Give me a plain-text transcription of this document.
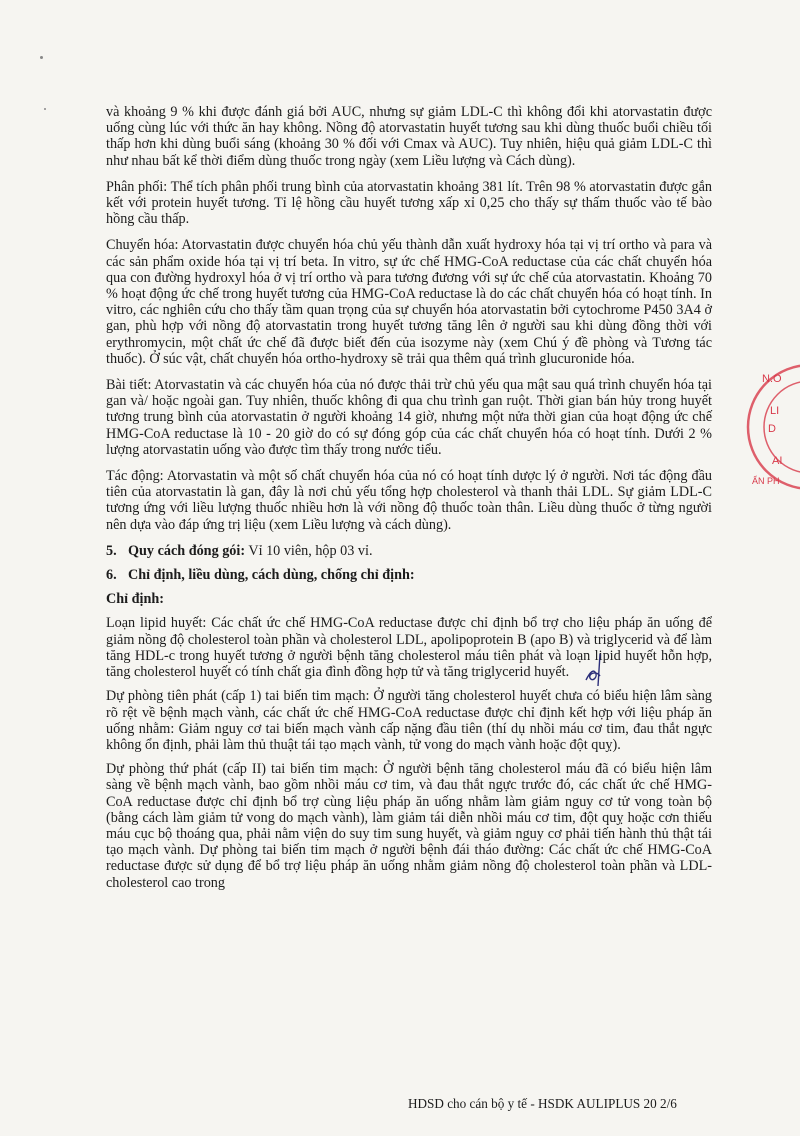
và khoảng 9 % khi được đánh giá bởi AUC, nhưng sự giảm LDL-C thì không đổi khi atorvastatin được uống cùng lúc với thức ăn hay không. Nồng độ atorvastatin huyết tương sau khi dùng thuốc buổi chiều tối thấp hơn khi dùng buổi sáng (khoảng 30 % đối với Cmax và AUC). Tuy nhiên, hiệu quả giảm LDL-C thì như nhau bất kể thời điểm dùng thuốc trong ngày (xem Liều lượng và Cách dùng).

Phân phối: Thể tích phân phối trung bình của atorvastatin khoảng 381 lít. Trên 98 % atorvastatin được gắn kết với protein huyết tương. Tỉ lệ hồng cầu huyết tương xấp xỉ 0,25 cho thấy sự thấm thuốc vào tế bào hồng cầu thấp.

Chuyển hóa: Atorvastatin được chuyển hóa chủ yếu thành dẫn xuất hydroxy hóa tại vị trí ortho và para và các sản phẩm oxide hóa tại vị trí beta. In vitro, sự ức chế HMG-CoA reductase của các chất chuyển hóa qua con đường hydroxyl hóa ở vị trí ortho và para tương đương với sự ức chế của atorvastatin. Khoảng 70 % hoạt động ức chế trong huyết tương của HMG-CoA reductase là do các chất chuyển hóa có hoạt tính. In vitro, các nghiên cứu cho thấy tầm quan trọng của sự chuyển hóa atorvastatin bởi cytochrome P450 3A4 ở gan, phù hợp với nồng độ atorvastatin trong huyết tương tăng lên ở người sau khi dùng đồng thời với erythromycin, một chất ức chế đã được biết đến của isozyme này (xem Chú ý đề phòng và Tương tác thuốc). Ở súc vật, chất chuyển hóa ortho-hydroxy sẽ trải qua thêm quá trình glucuronide hóa.

Bài tiết: Atorvastatin và các chuyển hóa của nó được thải trừ chủ yếu qua mật sau quá trình chuyển hóa tại gan và/ hoặc ngoài gan. Tuy nhiên, thuốc không đi qua chu trình gan ruột. Thời gian bán hủy trong huyết tương trung bình của atorvastatin ở người khoảng 14 giờ, nhưng một nửa thời gian của hoạt động ức chế HMG-CoA reductase là 10 - 20 giờ do có sự đóng góp của các chất chuyển hóa có hoạt tính. Dưới 2 % lượng atorvastatin uống vào được tìm thấy trong nước tiểu.

Tác động: Atorvastatin và một số chất chuyển hóa của nó có hoạt tính dược lý ở người. Nơi tác động đầu tiên của atorvastatin là gan, đây là nơi chủ yếu tổng hợp cholesterol và thanh thải LDL. Sự giảm LDL-C tương ứng với liều lượng thuốc nhiều hơn là với nồng độ thuốc toàn thân. Liều dùng thuốc ở từng người nên dựa vào đáp ứng trị liệu (xem Liều lượng và cách dùng).

5. Quy cách đóng gói: Vỉ 10 viên, hộp 03 vỉ.
6. Chỉ định, liều dùng, cách dùng, chống chỉ định:
Chỉ định:

Loạn lipid huyết: Các chất ức chế HMG-CoA reductase được chỉ định bổ trợ cho liệu pháp ăn uống để giảm nồng độ cholesterol toàn phần và cholesterol LDL, apolipoprotein B (apo B) và triglycerid và để làm tăng HDL-c trong huyết tương ở người bệnh tăng cholesterol máu tiên phát và loạn lipid huyết hỗn hợp, tăng cholesterol huyết có tính chất gia đình đồng hợp tử và tăng triglycerid huyết.

Dự phòng tiên phát (cấp 1) tai biến tim mạch: Ở người tăng cholesterol huyết chưa có biểu hiện lâm sàng rõ rệt về bệnh mạch vành, các chất ức chế HMG-CoA reductase được chỉ định kết hợp với liệu pháp ăn uống nhằm: Giảm nguy cơ tai biến mạch vành cấp nặng đầu tiên (thí dụ nhồi máu cơ tim, đau thắt ngực không ổn định, phải làm thủ thuật tái tạo mạch vành, tử vong do mạch vành hoặc đột quỵ).

Dự phòng thứ phát (cấp II) tai biến tim mạch: Ở người bệnh tăng cholesterol máu đã có biểu hiện lâm sàng về bệnh mạch vành, bao gồm nhồi máu cơ tim, và đau thắt ngực trước đó, các chất ức chế HMG-CoA reductase được chỉ định bổ trợ cùng liệu pháp ăn uống nhằm làm giảm nguy cơ tử vong toàn bộ (bằng cách làm giảm tử vong do mạch vành), làm giảm tái diễn nhồi máu cơ tim, đột quỵ hoặc cơn thiếu máu cục bộ thoáng qua, phải nằm viện do suy tim sung huyết, và giảm nguy cơ phải tiến hành thủ thật tái tạo mạch vành. Dự phòng tai biến tim mạch ở người bệnh đái tháo đường: Các chất ức chế HMG-CoA reductase được sử dụng để bổ trợ liệu pháp ăn uống nhằm giảm nồng độ cholesterol toàn phần và LDL-cholesterol cao trong

N.O
LI
D
AI
ẨN PH
HDSD cho cán bộ y tế - HSDK AULIPLUS 20 2/6
